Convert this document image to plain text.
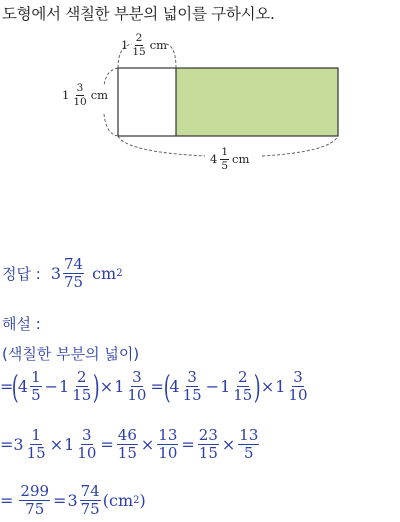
도형에서 색칠한 부분의 넓이를 구하시오.
$1 \frac{2}{15}$ cm
$1 \frac{3}{10}$ cm
$4 \frac{1}{5}$ cm
정답 : $3 \frac{74}{75}$ cm 2
해설 :
(색칠한 부분의 넓이)
=
(
$4 \frac{1}{5} - 1 \frac{2}{15}$ ) × $1 \frac{3}{10}$ = (
$4 \frac{3}{15} - 1 \frac{2}{15}$ ) × $1 \frac{3}{10}$
= $3 \frac{1}{15} \times 1 \frac{3}{10} = \frac{46}{15} \times \frac{13}{10} = \frac{23}{15} \times \frac{13}{5}$
= $\frac{299}{75} = 3 \frac{74}{75} (cm$ 2 )
